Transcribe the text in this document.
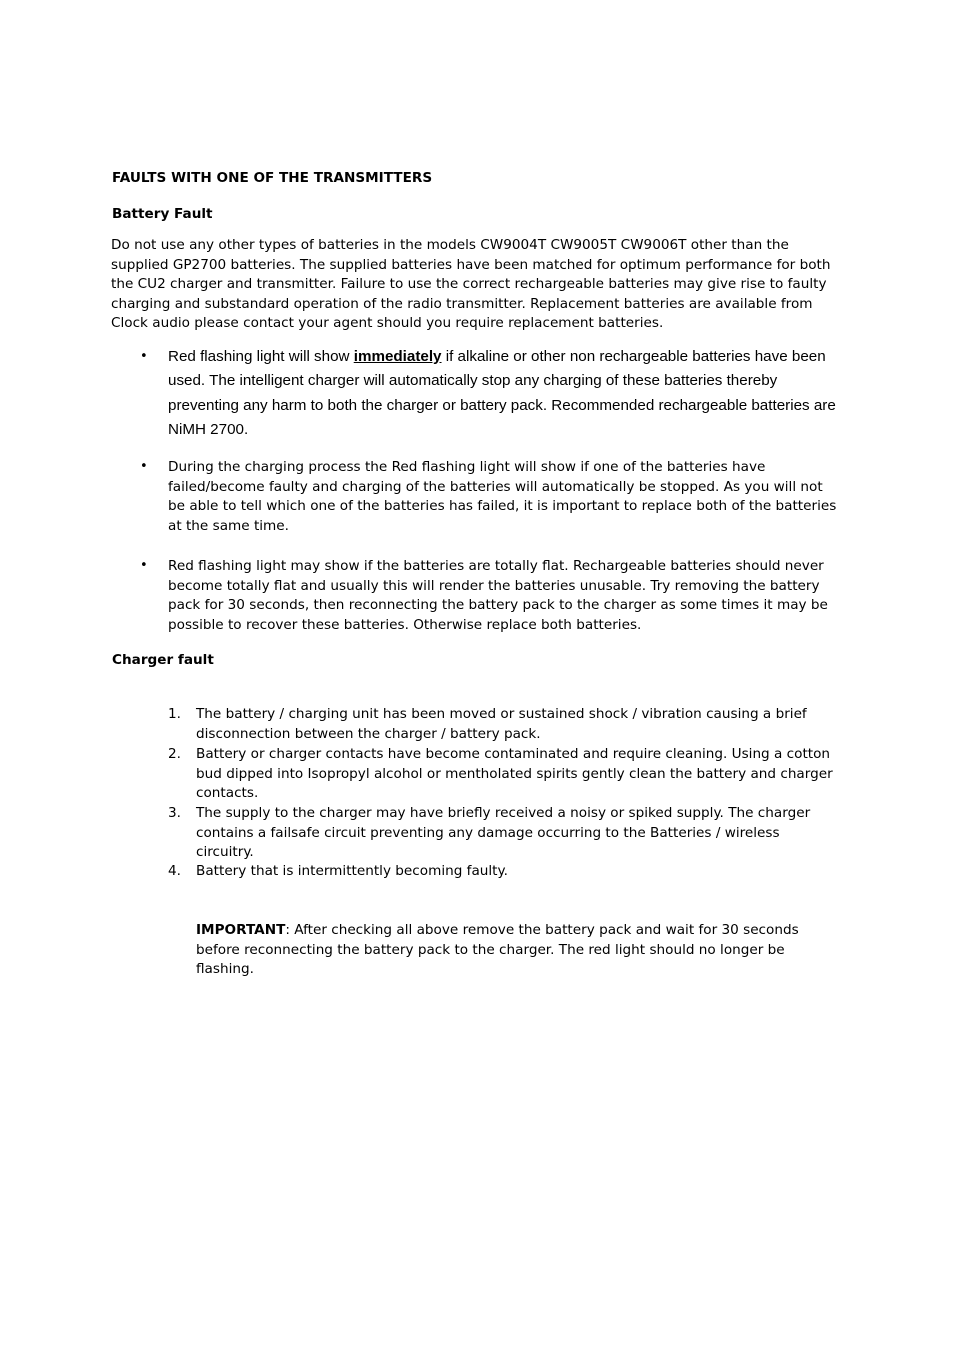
FAULTS WITH ONE OF THE TRANSMITTERS
Battery Fault

Do not use any other types of batteries in the models CW9004T CW9005T CW9006T other than the supplied GP2700 batteries. The supplied batteries have been matched for optimum performance for both the CU2 charger and transmitter. Failure to use the correct rechargeable batteries may give rise to faulty charging and substandard operation of the radio transmitter. Replacement batteries are available from Clock audio please contact your agent should you require replacement batteries.

• Red flashing light will show immediately if alkaline or other non rechargeable batteries have been used. The intelligent charger will automatically stop any charging of these batteries thereby preventing any harm to both the charger or battery pack. Recommended rechargeable batteries are NiMH 2700.

• During the charging process the Red flashing light will show if one of the batteries have failed/become faulty and charging of the batteries will automatically be stopped. As you will not be able to tell which one of the batteries has failed, it is important to replace both of the batteries at the same time.

• Red flashing light may show if the batteries are totally flat. Rechargeable batteries should never become totally flat and usually this will render the batteries unusable. Try removing the battery pack for 30 seconds, then reconnecting the battery pack to the charger as some times it may be possible to recover these batteries. Otherwise replace both batteries.

Charger fault
1. The battery / charging unit has been moved or sustained shock / vibration causing a brief disconnection between the charger / battery pack.

2. Battery or charger contacts have become contaminated and require cleaning. Using a cotton bud dipped into Isopropyl alcohol or mentholated spirits gently clean the battery and charger contacts.

3. The supply to the charger may have briefly received a noisy or spiked supply. The charger contains a failsafe circuit preventing any damage occurring to the Batteries / wireless circuitry.

4. Battery that is intermittently becoming faulty.

IMPORTANT: After checking all above remove the battery pack and wait for 30 seconds before reconnecting the battery pack to the charger. The red light should no longer be flashing.
